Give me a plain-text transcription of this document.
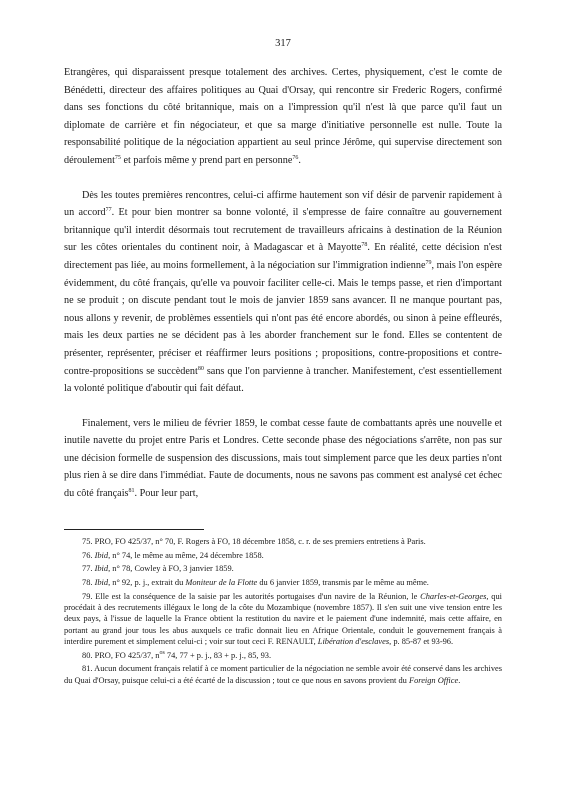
317

Etrangères, qui disparaissent presque totalement des archives. Certes, physiquement, c'est le comte de Bénédetti, directeur des affaires politiques au Quai d'Orsay, qui rencontre sir Frederic Rogers, confirmé dans ses fonctions du côté britannique, mais on a l'impression qu'il n'est là que parce qu'il faut un diplomate de carrière et fin négociateur, et que sa marge d'initiative personnelle est nulle. Toute la responsabilité politique de la négociation appartient au seul prince Jérôme, qui supervise directement son déroulement$^{75}$ et parfois même y prend part en personne$^{76}$.

Dès les toutes premières rencontres, celui-ci affirme hautement son vif désir de parvenir rapidement à un accord$^{77}$. Et pour bien montrer sa bonne volonté, il s'empresse de faire connaître au gouvernement britannique qu'il interdit désormais tout recrutement de travailleurs africains à destination de la Réunion sur les côtes orientales du continent noir, à Madagascar et à Mayotte$^{78}$. En réalité, cette décision n'est directement pas liée, au moins formellement, à la négociation sur l'immigration indienne$^{79}$, mais l'on espère évidemment, du côté français, qu'elle va pouvoir faciliter celle-ci. Mais le temps passe, et rien d'important ne se produit ; on discute pendant tout le mois de janvier 1859 sans avancer. Il ne manque pourtant pas, nous allons y revenir, de problèmes essentiels qui n'ont pas été encore abordés, ou sinon à peine effleurés, mais les deux parties ne se décident pas à les aborder franchement sur le fond. Elles se contentent de présenter, représenter, préciser et réaffirmer leurs positions ; propositions, contre-propositions et contre-contre-propositions se succèdent$^{80}$ sans que l'on parvienne à trancher. Manifestement, c'est essentiellement la volonté politique d'aboutir qui fait défaut.

Finalement, vers le milieu de février 1859, le combat cesse faute de combattants après une nouvelle et inutile navette du projet entre Paris et Londres. Cette seconde phase des négociations s'arrête, non pas sur une décision formelle de suspension des discussions, mais tout simplement parce que les deux parties n'ont plus rien à se dire dans l'immédiat. Faute de documents, nous ne savons pas comment est analysé cet échec du côté français$^{81}$. Pour leur part,

75. PRO, FO 425/37, n° 70, F. Rogers à FO, 18 décembre 1858, c. r. de ses premiers entretiens à Paris.

76. Ibid, n° 74, le même au même, 24 décembre 1858.

77. Ibid, n° 78, Cowley à FO, 3 janvier 1859.

78. Ibid, n° 92, p. j., extrait du Moniteur de la Flotte du 6 janvier 1859, transmis par le même au même.

79. Elle est la conséquence de la saisie par les autorités portugaises d'un navire de la Réunion, le Charles-et-Georges, qui procédait à des recrutements illégaux le long de la côte du Mozambique (novembre 1857). Il s'en suit une vive tension entre les deux pays, à l'issue de laquelle la France obtient la restitution du navire et le paiement d'une indemnité, mais cette affaire, en portant au grand jour tous les abus auxquels ce trafic donnait lieu en Afrique Orientale, conduit le gouvernement français à interdire purement et simplement celui-ci ; voir sur tout ceci F. RENAULT, Libération d'esclaves, p. 85-87 et 93-96.

80. PRO, FO 425/37, $n^{os}$ 74, 77 + p. j., 83 + p. j., 85, 93.

81. Aucun document français relatif à ce moment particulier de la négociation ne semble avoir été conservé dans les archives du Quai d'Orsay, puisque celui-ci a été écarté de la discussion ; tout ce que nous en savons provient du Foreign Office.
